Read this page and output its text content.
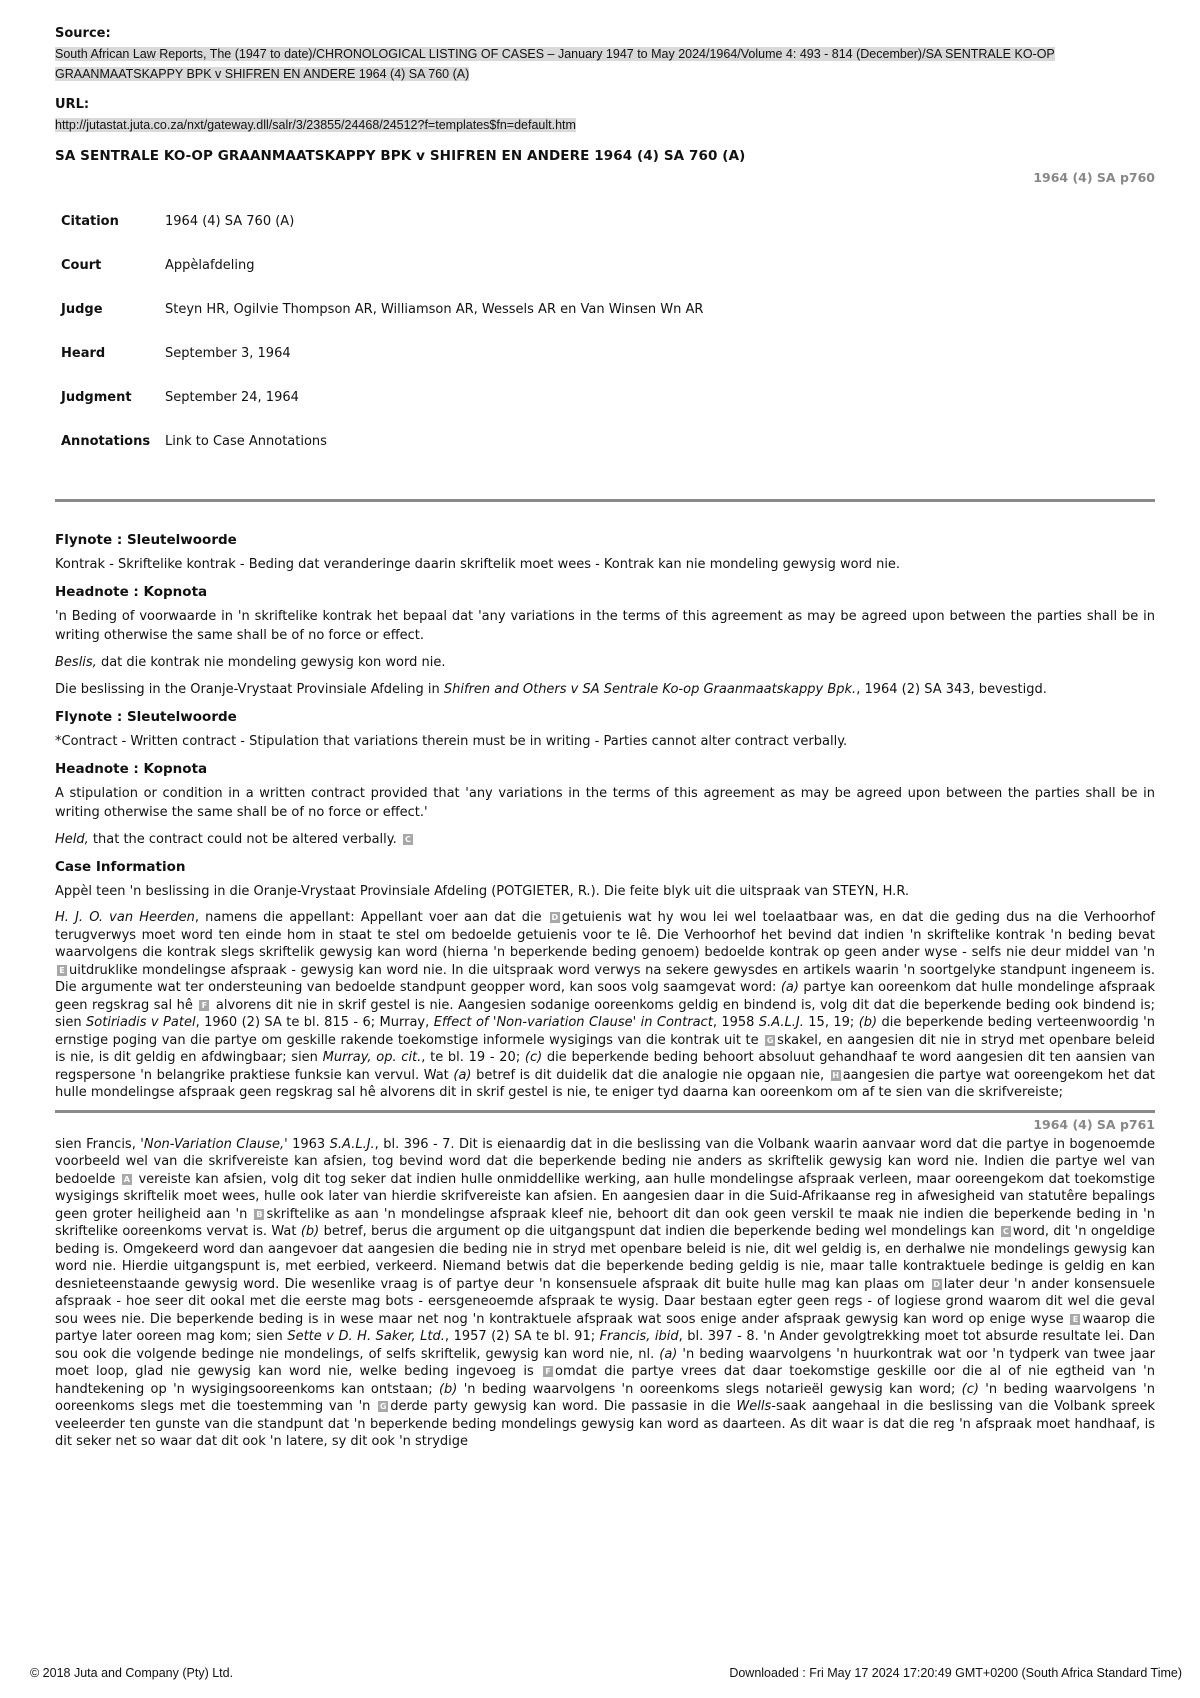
Source:
South African Law Reports, The (1947 to date)/CHRONOLOGICAL LISTING OF CASES – January 1947 to May 2024/1964/Volume 4: 493 - 814 (December)/SA SENTRALE KO-OP GRAANMAATSKAPPY BPK v SHIFREN EN ANDERE 1964 (4) SA 760 (A)
URL:
http://jutastat.juta.co.za/nxt/gateway.dll/salr/3/23855/24468/24512?f=templates$fn=default.htm
SA SENTRALE KO-OP GRAANMAATSKAPPY BPK v SHIFREN EN ANDERE 1964 (4) SA 760 (A)
1964 (4) SA p760
Citation	1964 (4) SA 760 (A)
Court	Appèlafdeling
Judge	Steyn HR, Ogilvie Thompson AR, Williamson AR, Wessels AR en Van Winsen Wn AR
Heard	September 3, 1964
Judgment	September 24, 1964
Annotations	Link to Case Annotations
Flynote : Sleutelwoorde

Kontrak - Skriftelike kontrak - Beding dat veranderinge daarin skriftelik moet wees - Kontrak kan nie mondeling gewysig word nie.

Headnote : Kopnota

'n Beding of voorwaarde in 'n skriftelike kontrak het bepaal dat 'any variations in the terms of this agreement as may be agreed upon between the parties shall be in writing otherwise the same shall be of no force or effect.

Beslis, dat die kontrak nie mondeling gewysig kon word nie.

Die beslissing in the Oranje-Vrystaat Provinsiale Afdeling in Shifren and Others v SA Sentrale Ko-op Graanmaatskappy Bpk., 1964 (2) SA 343, bevestigd.

Flynote : Sleutelwoorde

*Contract - Written contract - Stipulation that variations therein must be in writing - Parties cannot alter contract verbally.

Headnote : Kopnota

A stipulation or condition in a written contract provided that 'any variations in the terms of this agreement as may be agreed upon between the parties shall be in writing otherwise the same shall be of no force or effect.'

Held, that the contract could not be altered verbally. C

Case Information

Appèl teen 'n beslissing in die Oranje-Vrystaat Provinsiale Afdeling (POTGIETER, R.). Die feite blyk uit die uitspraak van STEYN, H.R.

H. J. O. van Heerden, namens die appellant: Appellant voer aan dat die D getuienis wat hy wou lei wel toelaatbaar was, en dat die geding dus na die Verhoorhof terugverwys moet word ten einde hom in staat te stel om bedoelde getuienis voor te lê. Die Verhoorhof het bevind dat indien 'n skriftelike kontrak 'n beding bevat waarvolgens die kontrak slegs skriftelik gewysig kan word (hierna 'n beperkende beding genoem) bedoelde kontrak op geen ander wyse - selfs nie deur middel van 'n E uitdruklike mondelingse afspraak - gewysig kan word nie. In die uitspraak word verwys na sekere gewysdes en artikels waarin 'n soortgelyke standpunt ingeneem is. Die argumente wat ter ondersteuning van bedoelde standpunt geopper word, kan soos volg saamgevat word: (a) partye kan ooreenkom dat hulle mondelinge afspraak geen regskrag sal hê F alvorens dit nie in skrif gestel is nie. Aangesien sodanige ooreenkoms geldig en bindend is, volg dit dat die beperkende beding ook bindend is; sien Sotiriadis v Patel, 1960 (2) SA te bl. 815 - 6; Murray, Effect of 'Non-variation Clause' in Contract, 1958 S.A.L.J. 15, 19; (b) die beperkende beding verteenwoordig 'n ernstige poging van die partye om geskille rakende toekomstige informele wysigings van die kontrak uit te G skakel, en aangesien dit nie in stryd met openbare beleid is nie, is dit geldig en afdwingbaar; sien Murray, op. cit., te bl. 19 - 20; (c) die beperkende beding behoort absoluut gehandhaaf te word aangesien dit ten aansien van regspersone 'n belangrike praktiese funksie kan vervul. Wat (a) betref is dit duidelik dat die analogie nie opgaan nie, H aangesien die partye wat ooreengekom het dat hulle mondelingse afspraak geen regskrag sal hê alvorens dit in skrif gestel is nie, te eniger tyd daarna kan ooreenkom om af te sien van die skrifvereiste;

1964 (4) SA p761

sien Francis, 'Non-Variation Clause,' 1963 S.A.L.J., bl. 396 - 7. Dit is eienaardig dat in die beslissing van die Volbank waarin aanvaar word dat die partye in bogenoemde voorbeeld wel van die skrifvereiste kan afsien, tog bevind word dat die beperkende beding nie anders as skriftelik gewysig kan word nie. Indien die partye wel van bedoelde A vereiste kan afsien, volg dit tog seker dat indien hulle onmiddellike werking, aan hulle mondelingse afspraak verleen, maar ooreengekom dat toekomstige wysigings skriftelik moet wees, hulle ook later van hierdie skrifvereiste kan afsien. En aangesien daar in die Suid-Afrikaanse reg in afwesigheid van statutêre bepalings geen groter heiligheid aan 'n B skriftelike as aan 'n mondelingse afspraak kleef nie, behoort dit dan ook geen verskil te maak nie indien die beperkende beding in 'n skriftelike ooreenkoms vervat is. Wat (b) betref, berus die argument op die uitgangspunt dat indien die beperkende beding wel mondelings kan C word, dit 'n ongeldige beding is. Omgekeerd word dan aangevoer dat aangesien die beding nie in stryd met openbare beleid is nie, dit wel geldig is, en derhalwe nie mondelings gewysig kan word nie. Hierdie uitgangspunt is, met eerbied, verkeerd. Niemand betwis dat die beperkende beding geldig is nie, maar talle kontraktuele bedinge is geldig en kan desnieteenstaande gewysig word. Die wesenlike vraag is of partye deur 'n konsensuele afspraak dit buite hulle mag kan plaas om D later deur 'n ander konsensuele afspraak - hoe seer dit ookal met die eerste mag bots - eersgeneoemde afspraak te wysig. Daar bestaan egter geen regs - of logiese grond waarom dit wel die geval sou wees nie. Die beperkende beding is in wese maar net nog 'n kontraktuele afspraak wat soos enige ander afspraak gewysig kan word op enige wyse E waarop die partye later ooreen mag kom; sien Sette v D. H. Saker, Ltd., 1957 (2) SA te bl. 91; Francis, ibid, bl. 397 - 8. 'n Ander gevolgtrekking moet tot absurde resultate lei. Dan sou ook die volgende bedinge nie mondelings, of selfs skriftelik, gewysig kan word nie, nl. (a) 'n beding waarvolgens 'n huurkontrak wat oor 'n tydperk van twee jaar moet loop, glad nie gewysig kan word nie, welke beding ingevoeg is F omdat die partye vrees dat daar toekomstige geskille oor die al of nie egtheid van 'n handtekening op 'n wysigingsooreenkoms kan ontstaan; (b) 'n beding waarvolgens 'n ooreenkoms slegs notarieël gewysig kan word; (c) 'n beding waarvolgens 'n ooreenkoms slegs met die toestemming van 'n G derde party gewysig kan word. Die passasie in die Wells-saak aangehaal in die beslissing van die Volbank spreek veeleerder ten gunste van die standpunt dat 'n beperkende beding mondelings gewysig kan word as daarteen. As dit waar is dat die reg 'n afspraak moet handhaaf, is dit seker net so waar dat dit ook 'n latere, sy dit ook 'n strydige

© 2018 Juta and Company (Pty) Ltd.	Downloaded : Fri May 17 2024 17:20:49 GMT+0200 (South Africa Standard Time)
